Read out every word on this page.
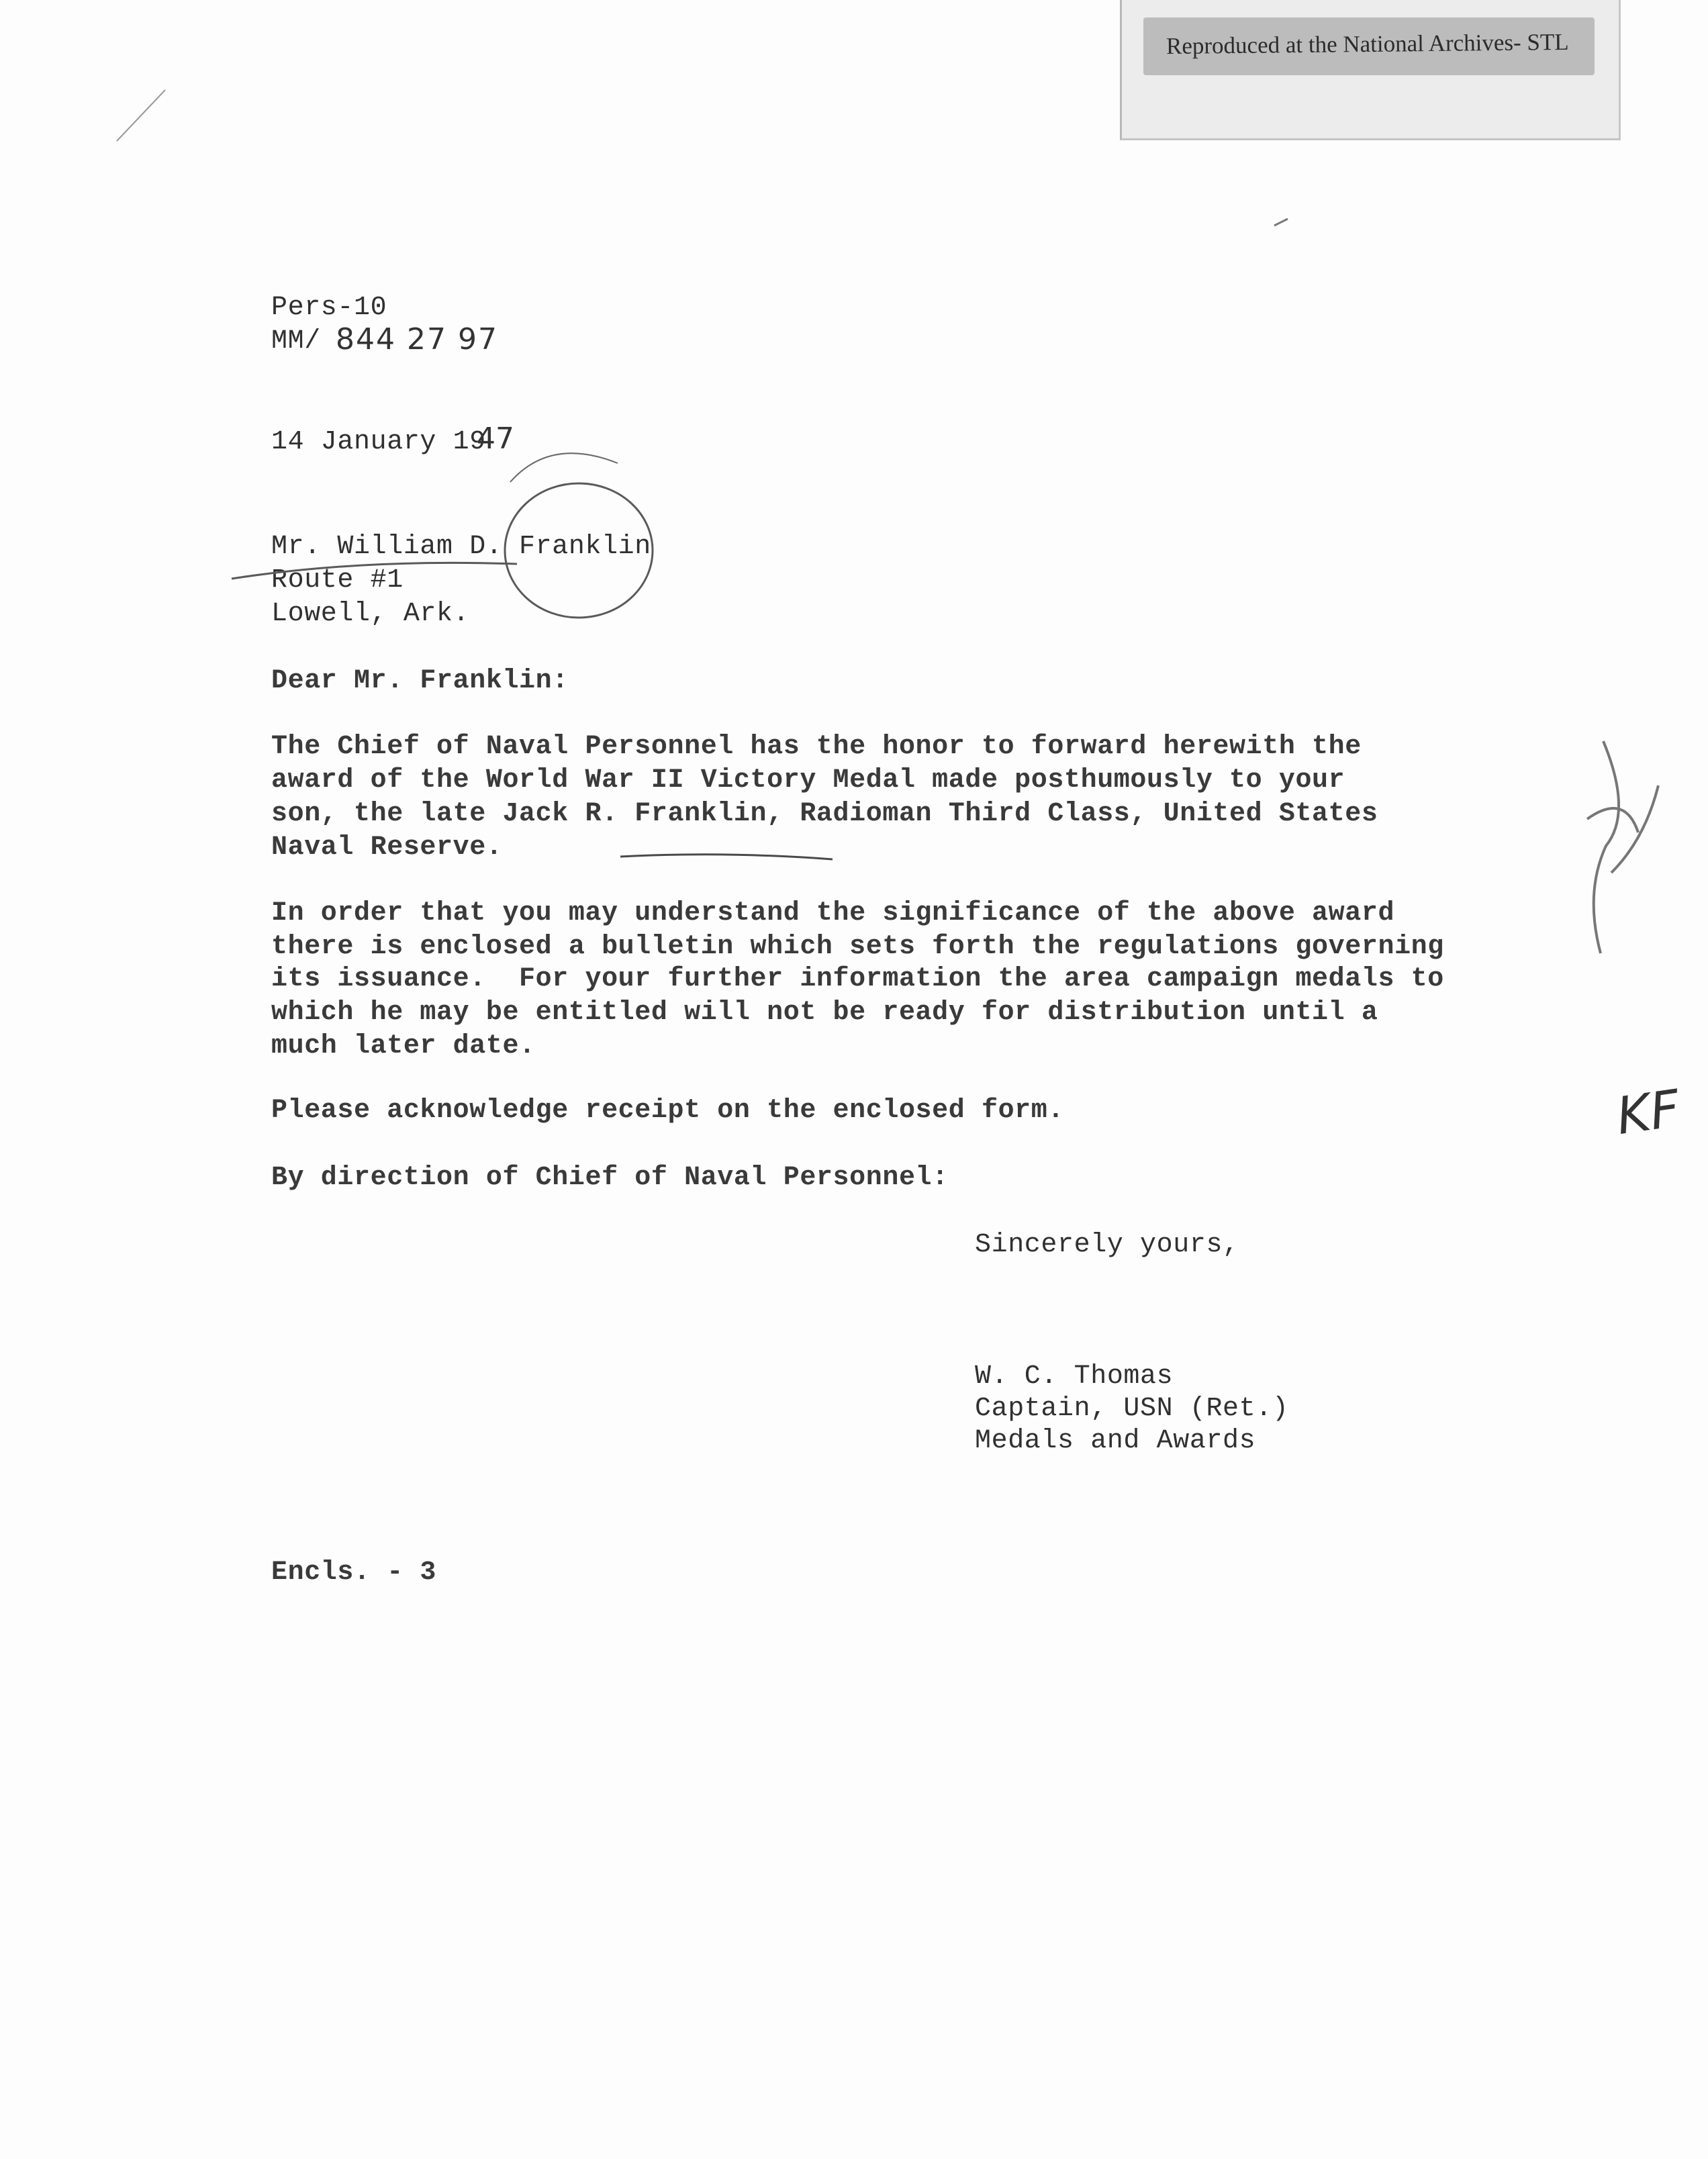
Reproduced at the National Archives- STL
Pers-10
MM/ 844 27 97
14 January 19
47
Mr. William D. Franklin
Route #1
Lowell, Ark.
Dear Mr. Franklin:
The Chief of Naval Personnel has the honor to forward herewith the
award of the World War II Victory Medal made posthumously to your
son, the late Jack R. Franklin, Radioman Third Class, United States
Naval Reserve.
In order that you may understand the significance of the above award
there is enclosed a bulletin which sets forth the regulations governing
its issuance.  For your further information the area campaign medals to
which he may be entitled will not be ready for distribution until a
much later date.
Please acknowledge receipt on the enclosed form.
By direction of Chief of Naval Personnel:
Sincerely yours,
W. C. Thomas
Captain, USN (Ret.)
Medals and Awards
Encls. - 3
KF
